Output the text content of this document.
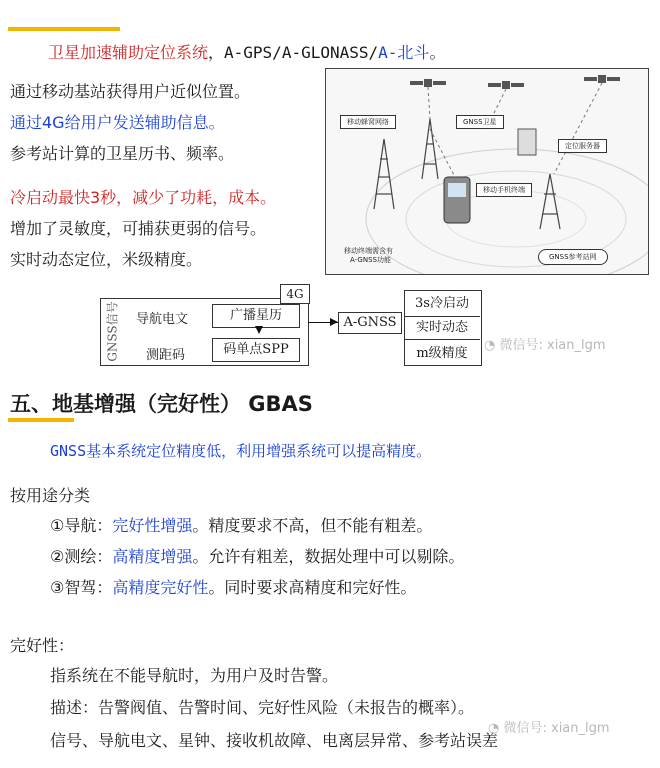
卫星加速辅助定位系统，A-GPS/A-GLONASS/A-北斗。
通过移动基站获得用户近似位置。
通过4G给用户发送辅助信息。
参考站计算的卫星历书、频率。
冷启动最快3秒，减少了功耗，成本。
增加了灵敏度，可捕获更弱的信号。
实时动态定位，米级精度。
移动蜂窝网络	GNSS卫星
定位服务器
移动手机终端
移动终端需含有
A-GNSS功能	GNSS参考站网
GNSS信号 导航电文	广播星历
4G
测距码	码单点SPP
A-GNSS
3s冷启动
实时动态
m级精度
◔ 微信号: xian_lgm
五、地基增强（完好性） GBAS
GNSS基本系统定位精度低，利用增强系统可以提高精度。
按用途分类
①导航：完好性增强。精度要求不高，但不能有粗差。
②测绘：高精度增强。允许有粗差，数据处理中可以剔除。
③智驾：高精度完好性。同时要求高精度和完好性。
完好性：
指系统在不能导航时，为用户及时告警。
描述：告警阀值、告警时间、完好性风险（未报告的概率）。
信号、导航电文、星钟、接收机故障、电离层异常、参考站误差
◔ 微信号: xian_lgm
